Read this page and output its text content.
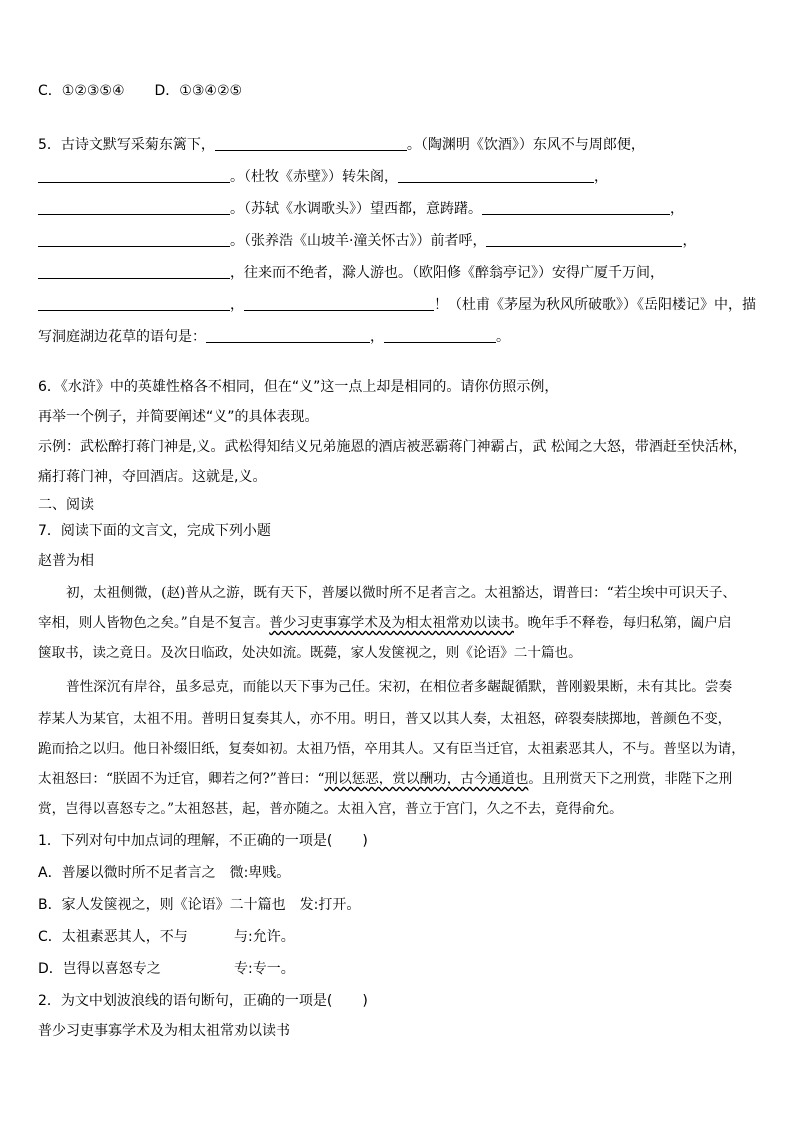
C．①②③⑤④ D．①③④②⑤
5．古诗文默写采菊东篱下，	。（陶渊明《饮酒》）东风不与周郎便，
。（杜牧《赤壁》）转朱阁，	，
。（苏轼《水调歌头》）望西都，意踌躇。	，
。（张养浩《山坡羊·潼关怀古》）前者呼，	，
，往来而不绝者，滁人游也。（欧阳修《醉翁亭记》）安得广厦千万间，
，	！（杜甫《茅屋为秋风所破歌》）《岳阳楼记》中，描
写洞庭湖边花草的语句是：	，	。
6．《水浒》中的英雄性格各不相同，但在“义”这一点上却是相同的。请你仿照示例，
再举一个例子，并简要阐述“义”的具体表现。
示例：武松醉打蒋门神是,义。武松得知结义兄弟施恩的酒店被恶霸蒋门神霸占，武 松闻之大怒，带酒赶至快活林，
痛打蒋门神，夺回酒店。这就是,义。
二、阅读
7．阅读下面的文言文，完成下列小题
赵普为相
初，太祖侧微，(赵)普从之游，既有天下，普屡以微时所不足者言之。太祖豁达，谓普曰：“若尘埃中可识天子、
宰相，则人皆物色之矣。”自是不复言。普少习吏事寡学术及为相太祖常劝以读书。晚年手不释卷，每归私第，阖户启
箧取书，读之竟日。及次日临政，处决如流。既薨，家人发箧视之，则《论语》二十篇也。
普性深沉有岸谷，虽多忌克，而能以天下事为己任。宋初，在相位者多龌龊循默，普刚毅果断，未有其比。尝奏
荐某人为某官，太祖不用。普明日复奏其人，亦不用。明日，普又以其人奏，太祖怒，碎裂奏牍掷地，普颜色不变，
跪而拾之以归。他日补缀旧纸，复奏如初。太祖乃悟，卒用其人。又有臣当迁官，太祖素恶其人，不与。普坚以为请，
太祖怒曰：“朕固不为迁官，卿若之何?”普曰：“刑以惩恶，赏以酬功，古今通道也。且刑赏天下之刑赏，非陛下之刑
赏，岂得以喜怒专之。”太祖怒甚，起，普亦随之。太祖入宫，普立于宫门，久之不去，竟得俞允。
1．下列对句中加点词的理解，不正确的一项是( )
A．普屡以微时所不足者言之 微:卑贱。
B．家人发箧视之，则《论语》二十篇也 发:打开。
C．太祖素恶其人，不与	与:允许。
D．岂得以喜怒专之	专:专一。
2．为文中划波浪线的语句断句，正确的一项是( )
普少习吏事寡学术及为相太祖常劝以读书
